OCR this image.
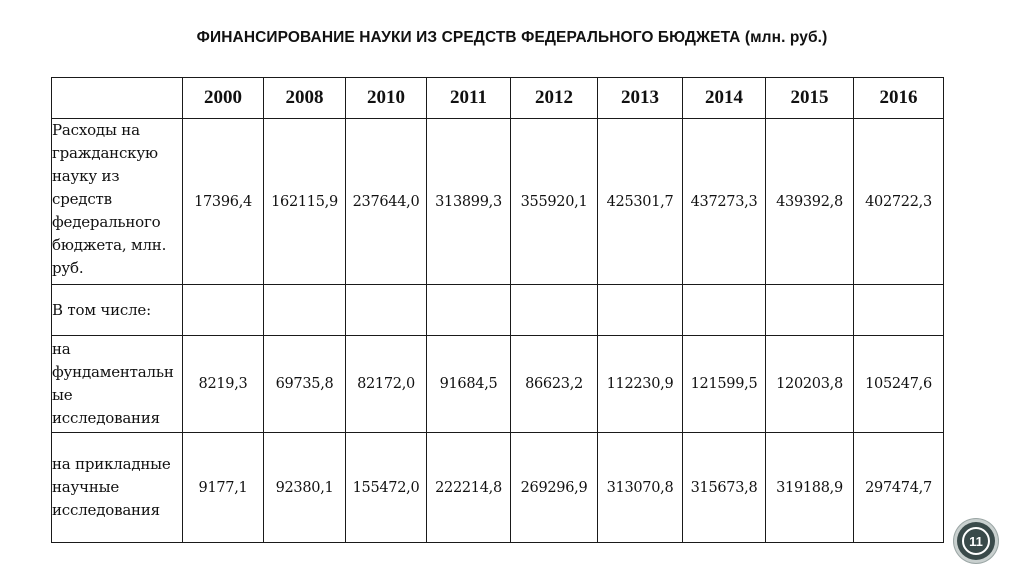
ФИНАНСИРОВАНИЕ НАУКИ ИЗ СРЕДСТВ ФЕДЕРАЛЬНОГО БЮДЖЕТА (млн. руб.)
	2000	2008	2010	2011	2012	2013	2014	2015	2016
Расходы на гражданскую науку из средств федерального бюджета, млн. руб.	17396,4	162115,9	237644,0	313899,3	355920,1	425301,7	437273,3	439392,8	402722,3
В том числе:									
на фундаментальные исследования	8219,3	69735,8	82172,0	91684,5	86623,2	112230,9	121599,5	120203,8	105247,6
на прикладные научные исследования	9177,1	92380,1	155472,0	222214,8	269296,9	313070,8	315673,8	319188,9	297474,7
11
